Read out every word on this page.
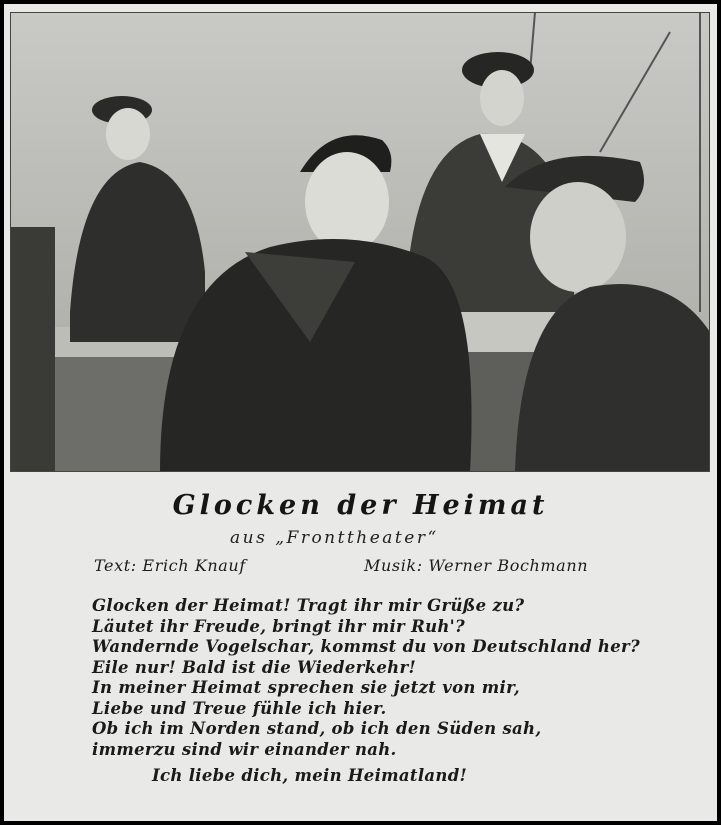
Glocken der Heimat
aus „Fronttheater“
Text: Erich Knauf	Musik: Werner Bochmann
Glocken der Heimat! Tragt ihr mir Grüße zu?
Läutet ihr Freude, bringt ihr mir Ruh'?
Wandernde Vogelschar, kommst du von Deutschland her?
Eile nur! Bald ist die Wiederkehr!
In meiner Heimat sprechen sie jetzt von mir,
Liebe und Treue fühle ich hier.
Ob ich im Norden stand, ob ich den Süden sah,
immerzu sind wir einander nah.
Ich liebe dich, mein Heimatland!
